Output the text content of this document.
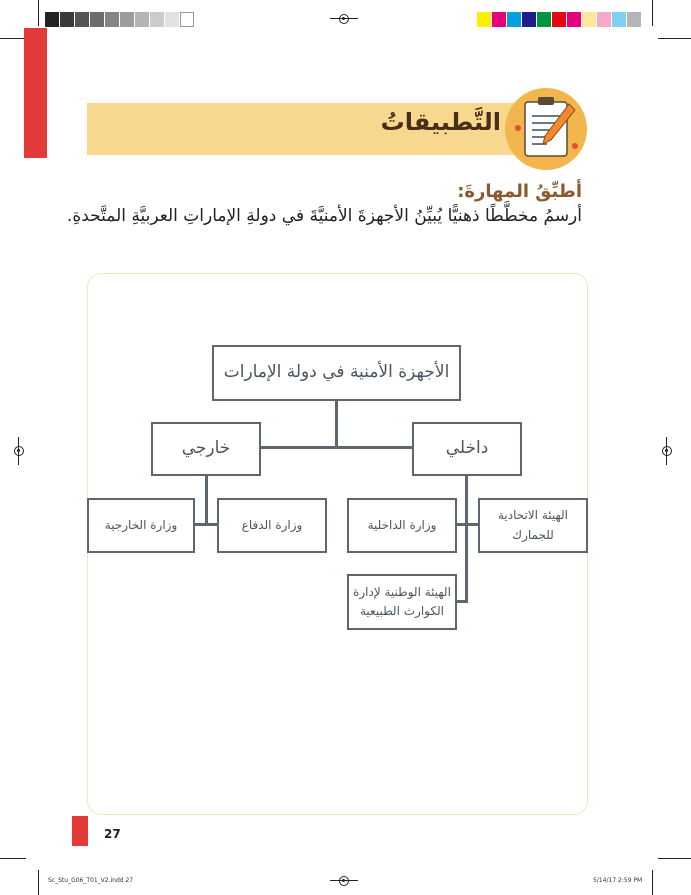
التَّطبيقاتُ
أطبِّقُ المهارةَ:
أرسمُ مخطَّطًا ذهنيًّا يُبيِّنُ الأجهزةَ الأمنيَّةَ في دولةِ الإماراتِ العربيَّةِ المتَّحدةِ.
الأجهزة الأمنية في دولة الإمارات
خارجي	داخلي
وزارة الدفاع
وزارة الخارجية
الهيئة الاتحادية للجمارك
وزارة الداخلية
الهيئة الوطنية لإدارة الكوارث الطبيعية
27
Sc_Stu_G06_T01_V2.indd 27	5/14/17 2:59 PM
